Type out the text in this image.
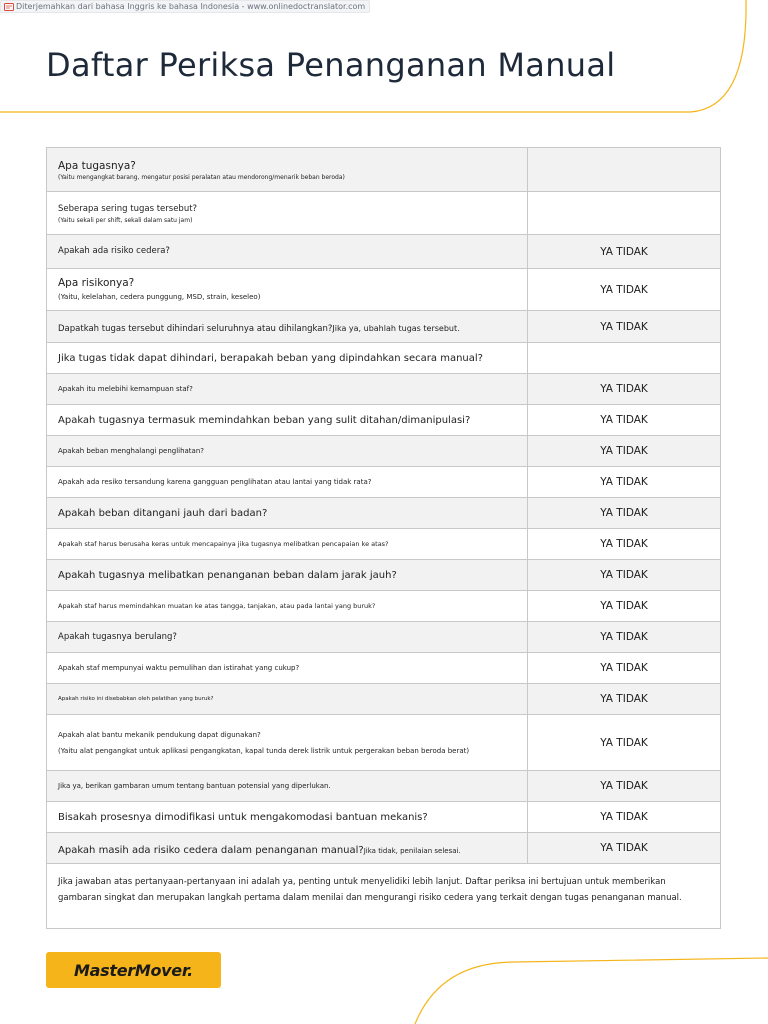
Diterjemahkan dari bahasa Inggris ke bahasa Indonesia - www.onlinedoctranslator.com
Daftar Periksa Penanganan Manual
Apa tugasnya?
(Yaitu mengangkat barang, mengatur posisi peralatan atau mendorong/menarik beban beroda)	

Seberapa sering tugas tersebut?
(Yaitu sekali per shift, sekali dalam satu jam)	

Apakah ada risiko cedera?	YA TIDAK

Apa risikonya?
(Yaitu, kelelahan, cedera punggung, MSD, strain, keseleo)	YA TIDAK
Dapatkah tugas tersebut dihindari seluruhnya atau dihilangkan?Jika ya, ubahlah tugas tersebut.	YA TIDAK

Jika tugas tidak dapat dihindari, berapakah beban yang dipindahkan secara manual?	

Apakah itu melebihi kemampuan staf?	YA TIDAK

Apakah tugasnya termasuk memindahkan beban yang sulit ditahan/dimanipulasi?	YA TIDAK

Apakah beban menghalangi penglihatan?	YA TIDAK

Apakah ada resiko tersandung karena gangguan penglihatan atau lantai yang tidak rata?	YA TIDAK

Apakah beban ditangani jauh dari badan?	YA TIDAK

Apakah staf harus berusaha keras untuk mencapainya jika tugasnya melibatkan pencapaian ke atas?	YA TIDAK

Apakah tugasnya melibatkan penanganan beban dalam jarak jauh?	YA TIDAK

Apakah staf harus memindahkan muatan ke atas tangga, tanjakan, atau pada lantai yang buruk?	YA TIDAK

Apakah tugasnya berulang?	YA TIDAK

Apakah staf mempunyai waktu pemulihan dan istirahat yang cukup?	YA TIDAK

Apakah risiko ini disebabkan oleh pelatihan yang buruk?	YA TIDAK

Apakah alat bantu mekanik pendukung dapat digunakan?
(Yaitu alat pengangkat untuk aplikasi pengangkatan, kapal tunda derek listrik untuk pergerakan beban beroda berat)	YA TIDAK

Jika ya, berikan gambaran umum tentang bantuan potensial yang diperlukan.	YA TIDAK

Bisakah prosesnya dimodifikasi untuk mengakomodasi bantuan mekanis?	YA TIDAK
Apakah masih ada risiko cedera dalam penanganan manual?Jika tidak, penilaian selesai.	YA TIDAK
Jika jawaban atas pertanyaan-pertanyaan ini adalah ya, penting untuk menyelidiki lebih lanjut. Daftar periksa ini bertujuan untuk memberikan gambaran singkat dan merupakan langkah pertama dalam menilai dan mengurangi risiko cedera yang terkait dengan tugas penanganan manual.	
MasterMover.
